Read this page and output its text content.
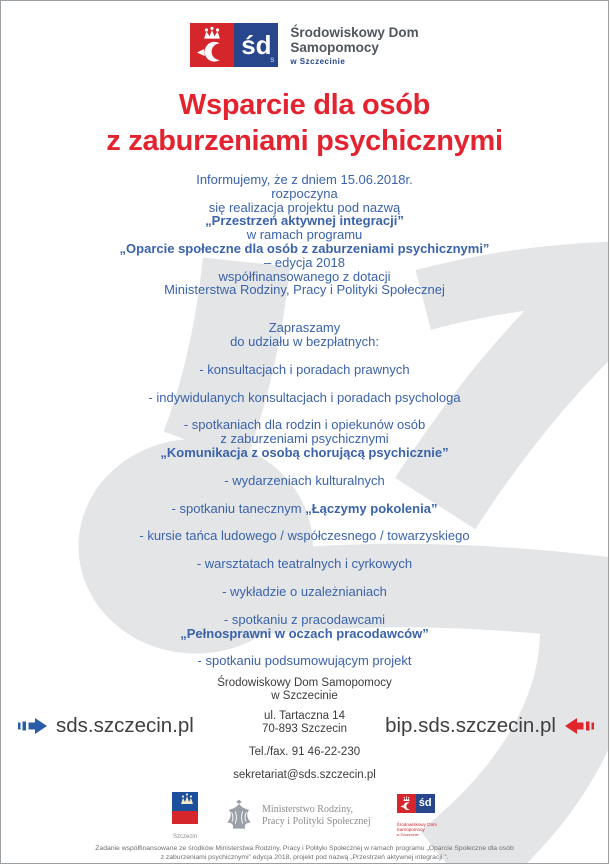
śd
s
Środowiskowy Dom
Samopomocy
w Szczecinie
Wsparcie dla osób
z zaburzeniami psychicznymi
Informujemy, że z dniem 15.06.2018r.
rozpoczyna
się realizacja projektu pod nazwą
„Przestrzeń aktywnej integracji”
w ramach programu
„Oparcie społeczne dla osób z zaburzeniami psychicznymi”
– edycja 2018
współfinansowanego z dotacji
Ministerstwa Rodziny, Pracy i Polityki Społecznej
Zapraszamy
do udziału w bezpłatnych:
- konsultacjach i poradach prawnych
- indywidulanych konsultacjach i poradach psychologa
- spotkaniach dla rodzin i opiekunów osób
z zaburzeniami psychicznymi
„Komunikacja z osobą chorującą psychicznie”
- wydarzeniach kulturalnych
- spotkaniu tanecznym „Łączymy pokolenia”
- kursie tańca ludowego / współczesnego / towarzyskiego
- warsztatach teatralnych i cyrkowych
- wykładzie o uzależnianiach
- spotkaniu z pracodawcami
„Pełnosprawni w oczach pracodawców”
- spotkaniu podsumowującym projekt
Środowiskowy Dom Samopomocy
w Szczecinie
ul. Tartaczna 14
70-893 Szczecin
Tel./fax. 91 46-22-230
sekretariat@sds.szczecin.pl
Szczecin
Ministerstwo Rodziny,
Pracy i Polityki Społecznej
śd
Środowiskowy Dom
Samopomocy
w Szczecinie
Zadanie współfinansowane ze środków Ministerstwa Rodziny, Pracy i Polityki Społecznej w ramach programu „Oparcie Społeczne dla osób
z zaburzeniami psychicznymi” edycja 2018, projekt pod nazwą „Przestrzeń aktywnej integracji ”.
sds.szczecin.pl	bip.sds.szczecin.pl
